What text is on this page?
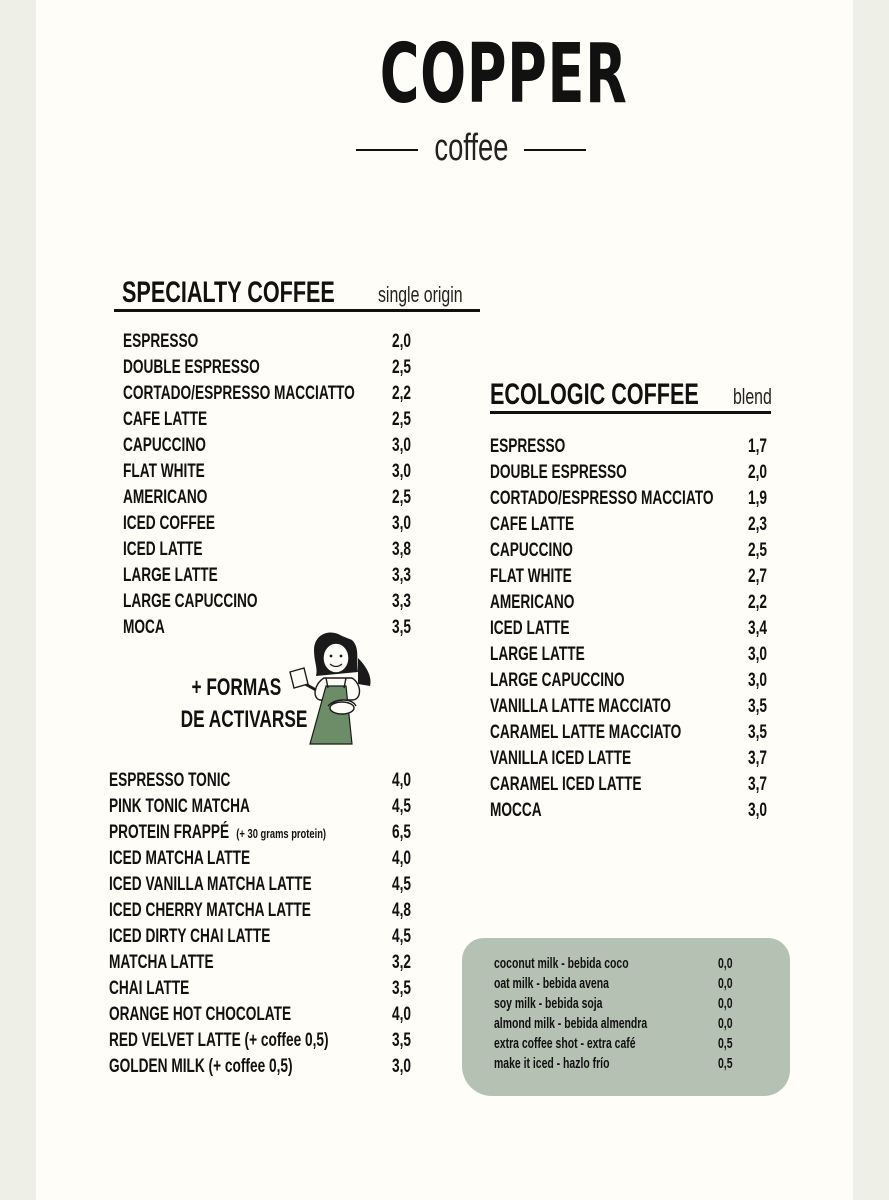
COPPER
coffee
SPECIALTY COFFEE	single origin
ESPRESSO	2,0
DOUBLE ESPRESSO	2,5
CORTADO/ESPRESSO MACCIATTO 2,2
CAFE LATTE	2,5
CAPUCCINO	3,0
FLAT WHITE	3,0
AMERICANO	2,5
ICED COFFEE	3,0
ICED LATTE	3,8
LARGE LATTE	3,3
LARGE CAPUCCINO	3,3
MOCA	3,5
+ FORMAS
DE ACTIVARSE
ESPRESSO TONIC	4,0
PINK TONIC MATCHA	4,5
PROTEIN FRAPPÉ (+ 30 grams protein)	6,5
ICED MATCHA LATTE	4,0
ICED VANILLA MATCHA LATTE	4,5
ICED CHERRY MATCHA LATTE	4,8
ICED DIRTY CHAI LATTE	4,5
MATCHA LATTE	3,2
CHAI LATTE	3,5
ORANGE HOT CHOCOLATE	4,0
RED VELVET LATTE (+ coffee 0,5)	3,5
GOLDEN MILK (+ coffee 0,5)	3,0
ECOLOGIC COFFEE	blend
ESPRESSO	1,7
DOUBLE ESPRESSO	2,0
CORTADO/ESPRESSO MACCIATO 1,9
CAFE LATTE	2,3
CAPUCCINO	2,5
FLAT WHITE	2,7
AMERICANO	2,2
ICED LATTE	3,4
LARGE LATTE	3,0
LARGE CAPUCCINO	3,0
VANILLA LATTE MACCIATO	3,5
CARAMEL LATTE MACCIATO	3,5
VANILLA ICED LATTE	3,7
CARAMEL ICED LATTE	3,7
MOCCA	3,0
coconut milk - bebida coco	0,0
oat milk - bebida avena	0,0
soy milk - bebida soja	0,0
almond milk - bebida almendra	0,0
extra coffee shot - extra café	0,5
make it iced - hazlo frío	0,5
